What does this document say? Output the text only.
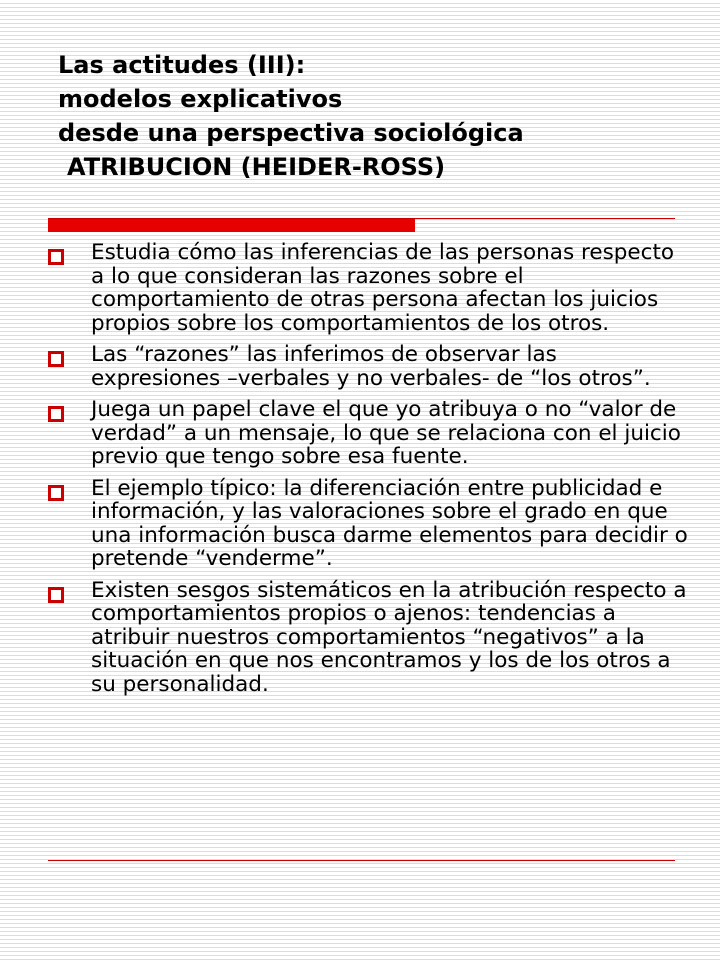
Las actitudes (III):
modelos explicativos
desde una perspectiva sociológica
ATRIBUCION (HEIDER-ROSS)
Estudia cómo las inferencias de las personas respecto a lo que consideran las razones sobre el comportamiento de otras persona afectan los juicios propios sobre los comportamientos de los otros.
Las “razones” las inferimos de observar las expresiones –verbales y no verbales- de “los otros”.
Juega un papel clave el que yo atribuya o no “valor de verdad” a un mensaje, lo que se relaciona con el juicio previo que tengo sobre esa fuente.
El ejemplo típico: la diferenciación entre publicidad e información, y las valoraciones sobre el grado en que una información busca darme elementos para decidir o pretende “venderme”.
Existen sesgos sistemáticos en la atribución respecto a comportamientos propios o ajenos: tendencias a atribuir nuestros comportamientos “negativos” a la situación en que nos encontramos y los de los otros a su personalidad.
